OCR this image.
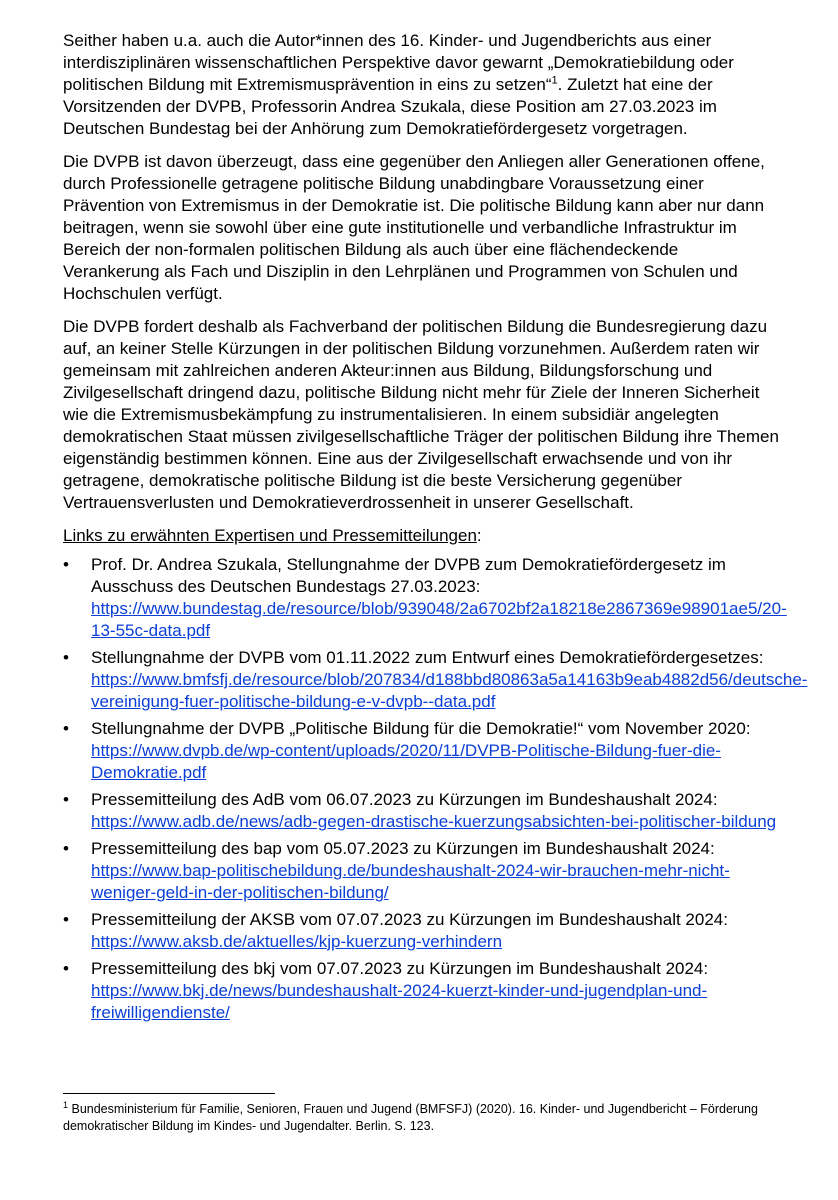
Seither haben u.a. auch die Autor*innen des 16. Kinder- und Jugendberichts aus einer interdisziplinären wissenschaftlichen Perspektive davor gewarnt „Demokratiebildung oder politischen Bildung mit Extremismusprävention in eins zu setzen“$^1$. Zuletzt hat eine der Vorsitzenden der DVPB, Professorin Andrea Szukala, diese Position am 27.03.2023 im Deutschen Bundestag bei der Anhörung zum Demokratiefördergesetz vorgetragen.

Die DVPB ist davon überzeugt, dass eine gegenüber den Anliegen aller Generationen offene, durch Professionelle getragene politische Bildung unabdingbare Voraussetzung einer Prävention von Extremismus in der Demokratie ist. Die politische Bildung kann aber nur dann beitragen, wenn sie sowohl über eine gute institutionelle und verbandliche Infrastruktur im Bereich der non-formalen politischen Bildung als auch über eine flächendeckende Verankerung als Fach und Disziplin in den Lehrplänen und Programmen von Schulen und Hochschulen verfügt.

Die DVPB fordert deshalb als Fachverband der politischen Bildung die Bundesregierung dazu auf, an keiner Stelle Kürzungen in der politischen Bildung vorzunehmen. Außerdem raten wir gemeinsam mit zahlreichen anderen Akteur:innen aus Bildung, Bildungsforschung und Zivilgesellschaft dringend dazu, politische Bildung nicht mehr für Ziele der Inneren Sicherheit wie die Extremismusbekämpfung zu instrumentalisieren. In einem subsidiär angelegten demokratischen Staat müssen zivilgesellschaftliche Träger der politischen Bildung ihre Themen eigenständig bestimmen können. Eine aus der Zivilgesellschaft erwachsende und von ihr getragene, demokratische politische Bildung ist die beste Versicherung gegenüber Vertrauensverlusten und Demokratieverdrossenheit in unserer Gesellschaft.

Links zu erwähnten Expertisen und Pressemitteilungen:

•	Prof. Dr. Andrea Szukala, Stellungnahme der DVPB zum Demokratiefördergesetz im Ausschuss des Deutschen Bundestags 27.03.2023: https://www.bundestag.de/resource/blob/939048/2a6702bf2a18218e2867369e98901ae5/20-13-55c-data.pdf
•	Stellungnahme der DVPB vom 01.11.2022 zum Entwurf eines Demokratiefördergesetzes: https://www.bmfsfj.de/resource/blob/207834/d188bbd80863a5a14163b9eab4882d56/deutsche-vereinigung-fuer-politische-bildung-e-v-dvpb--data.pdf
•	Stellungnahme der DVPB „Politische Bildung für die Demokratie!“ vom November 2020: https://www.dvpb.de/wp-content/uploads/2020/11/DVPB-Politische-Bildung-fuer-die-Demokratie.pdf
•	Pressemitteilung des AdB vom 06.07.2023 zu Kürzungen im Bundeshaushalt 2024: https://www.adb.de/news/adb-gegen-drastische-kuerzungsabsichten-bei-politischer-bildung
•	Pressemitteilung des bap vom 05.07.2023 zu Kürzungen im Bundeshaushalt 2024: https://www.bap-politischebildung.de/bundeshaushalt-2024-wir-brauchen-mehr-nicht-weniger-geld-in-der-politischen-bildung/
•	Pressemitteilung der AKSB vom 07.07.2023 zu Kürzungen im Bundeshaushalt 2024: https://www.aksb.de/aktuelles/kjp-kuerzung-verhindern
•	Pressemitteilung des bkj vom 07.07.2023 zu Kürzungen im Bundeshaushalt 2024: https://www.bkj.de/news/bundeshaushalt-2024-kuerzt-kinder-und-jugendplan-und-freiwilligendienste/
$^1$ Bundesministerium für Familie, Senioren, Frauen und Jugend (BMFSFJ) (2020). 16. Kinder- und Jugendbericht – Förderung demokratischer Bildung im Kindes- und Jugendalter. Berlin. S. 123.
